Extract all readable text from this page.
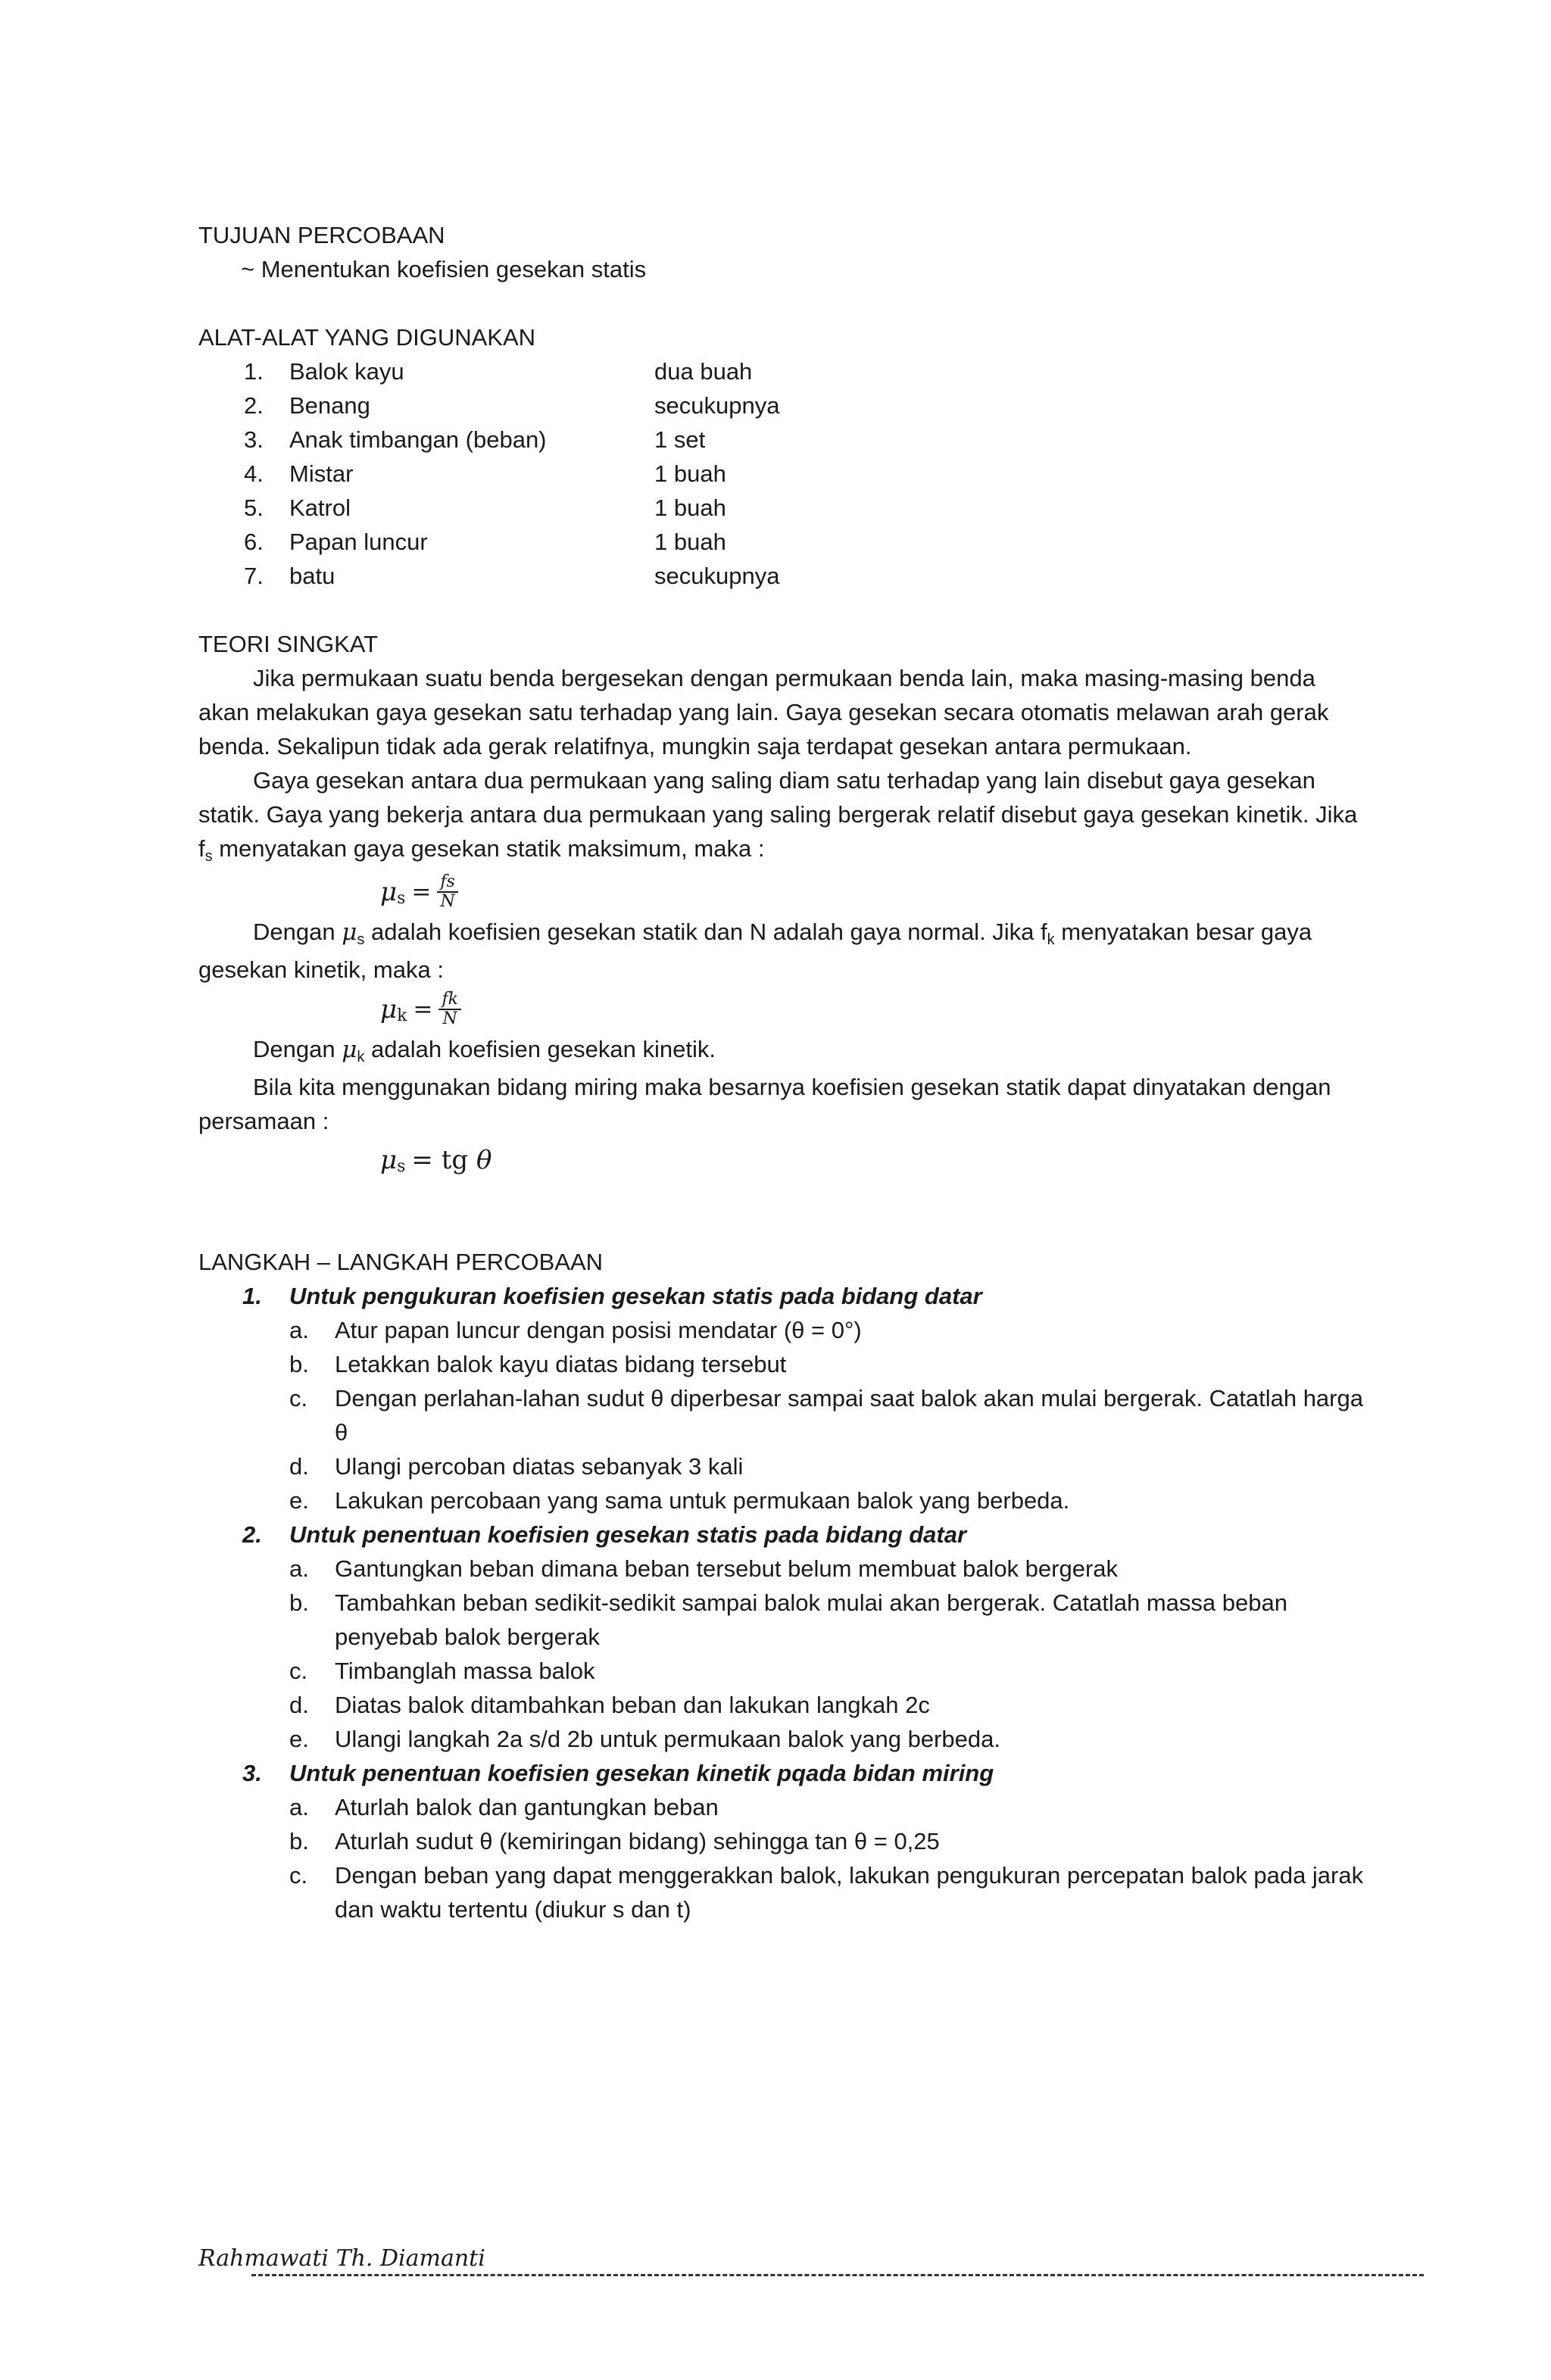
TUJUAN PERCOBAAN
~ Menentukan koefisien gesekan statis
ALAT-ALAT YANG DIGUNAKAN
1.	Balok kayu	dua buah
2.	Benang	secukupnya
3.	Anak timbangan (beban)	1 set
4.	Mistar	1 buah
5.	Katrol	1 buah
6.	Papan luncur	1 buah
7.	batu	secukupnya
TEORI SINGKAT
Jika permukaan suatu benda bergesekan dengan permukaan benda lain, maka masing-masing benda akan melakukan gaya gesekan satu terhadap yang lain. Gaya gesekan secara otomatis melawan arah gerak benda. Sekalipun tidak ada gerak relatifnya, mungkin saja terdapat gesekan antara permukaan.
Gaya gesekan antara dua permukaan yang saling diam satu terhadap yang lain disebut gaya gesekan statik. Gaya yang bekerja antara dua permukaan yang saling bergerak relatif disebut gaya gesekan kinetik. Jika fs menyatakan gaya gesekan statik maksimum, maka :
μ $s = \frac{fs}{N}$
Dengan μs adalah koefisien gesekan statik dan N adalah gaya normal. Jika fk menyatakan besar gaya gesekan kinetik, maka :
μ $k = \frac{fk}{N}$
Dengan μk adalah koefisien gesekan kinetik.
Bila kita menggunakan bidang miring maka besarnya koefisien gesekan statik dapat dinyatakan dengan persamaan :
μ s = tg
θ
LANGKAH – LANGKAH PERCOBAAN
1.	Untuk pengukuran koefisien gesekan statis pada bidang datar
a.	Atur papan luncur dengan posisi mendatar (θ = 0°)
b.	Letakkan balok kayu diatas bidang tersebut
c.	Dengan perlahan-lahan sudut θ diperbesar sampai saat balok akan mulai bergerak. Catatlah harga θ
d.	Ulangi percoban diatas sebanyak 3 kali
e.	Lakukan percobaan yang sama untuk permukaan balok yang berbeda.
2.	Untuk penentuan koefisien gesekan statis pada bidang datar
a.	Gantungkan beban dimana beban tersebut belum membuat balok bergerak
b.	Tambahkan beban sedikit-sedikit sampai balok mulai akan bergerak. Catatlah massa beban penyebab balok bergerak
c.	Timbanglah massa balok
d.	Diatas balok ditambahkan beban dan lakukan langkah 2c
e.	Ulangi langkah 2a s/d 2b untuk permukaan balok yang berbeda.
3.	Untuk penentuan koefisien gesekan kinetik pqada bidan miring
a.	Aturlah balok dan gantungkan beban
b.	Aturlah sudut θ (kemiringan bidang) sehingga tan θ = 0,25
c.	Dengan beban yang dapat menggerakkan balok, lakukan pengukuran percepatan balok pada jarak dan waktu tertentu (diukur s dan t)
Rahmawati Th. Diamanti
